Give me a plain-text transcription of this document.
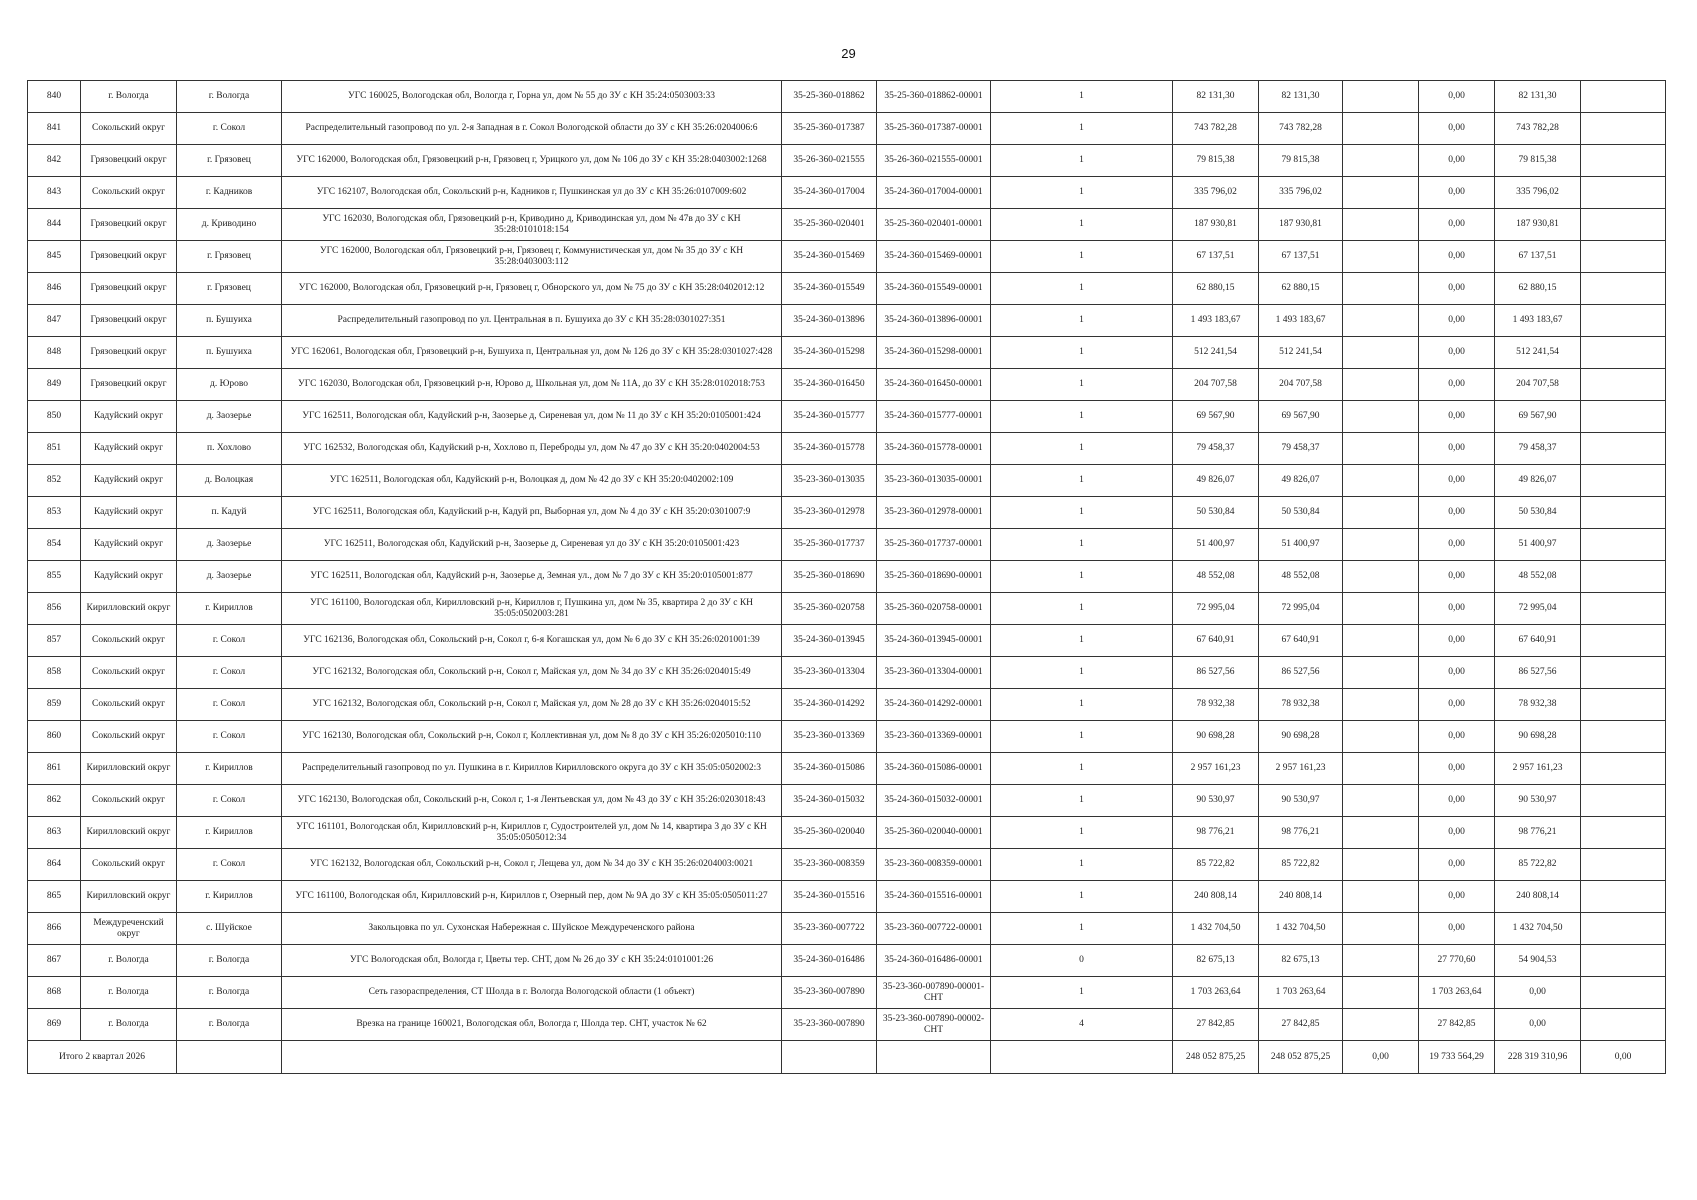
29
840	г. Вологда	г. Вологда	УГС 160025, Вологодская обл, Вологда г, Горна ул, дом № 55 до ЗУ с КН 35:24:0503003:33	35-25-360-018862	35-25-360-018862-00001	1	82 131,30	82 131,30		0,00	82 131,30	
841	Сокольский округ	г. Сокол	Распределительный газопровод по ул. 2-я Западная в г. Сокол Вологодской области до ЗУ с КН 35:26:0204006:6	35-25-360-017387	35-25-360-017387-00001	1	743 782,28	743 782,28		0,00	743 782,28	
842	Грязовецкий округ	г. Грязовец	УГС 162000, Вологодская обл, Грязовецкий р-н, Грязовец г, Урицкого ул, дом № 106 до ЗУ с КН 35:28:0403002:1268	35-26-360-021555	35-26-360-021555-00001	1	79 815,38	79 815,38		0,00	79 815,38	
843	Сокольский округ	г. Кадников	УГС 162107, Вологодская обл, Сокольский р-н, Кадников г, Пушкинская ул до ЗУ с КН 35:26:0107009:602	35-24-360-017004	35-24-360-017004-00001	1	335 796,02	335 796,02		0,00	335 796,02	
844	Грязовецкий округ	д. Криводино	УГС 162030, Вологодская обл, Грязовецкий р-н, Криводино д, Криводинская ул, дом № 47в до ЗУ с КН 35:28:0101018:154	35-25-360-020401	35-25-360-020401-00001	1	187 930,81	187 930,81		0,00	187 930,81	
845	Грязовецкий округ	г. Грязовец	УГС 162000, Вологодская обл, Грязовецкий р-н, Грязовец г, Коммунистическая ул, дом № 35 до ЗУ с КН 35:28:0403003:112	35-24-360-015469	35-24-360-015469-00001	1	67 137,51	67 137,51		0,00	67 137,51	
846	Грязовецкий округ	г. Грязовец	УГС 162000, Вологодская обл, Грязовецкий р-н, Грязовец г, Обнорского ул, дом № 75 до ЗУ с КН 35:28:0402012:12	35-24-360-015549	35-24-360-015549-00001	1	62 880,15	62 880,15		0,00	62 880,15	
847	Грязовецкий округ	п. Бушуиха	Распределительный газопровод по ул. Центральная в п. Бушуиха до ЗУ с КН 35:28:0301027:351	35-24-360-013896	35-24-360-013896-00001	1	1 493 183,67	1 493 183,67		0,00	1 493 183,67	
848	Грязовецкий округ	п. Бушуиха	УГС 162061, Вологодская обл, Грязовецкий р-н, Бушуиха п, Центральная ул, дом № 126 до ЗУ с КН 35:28:0301027:428	35-24-360-015298	35-24-360-015298-00001	1	512 241,54	512 241,54		0,00	512 241,54	
849	Грязовецкий округ	д. Юрово	УГС 162030, Вологодская обл, Грязовецкий р-н, Юрово д, Школьная ул, дом № 11А, до ЗУ с КН 35:28:0102018:753	35-24-360-016450	35-24-360-016450-00001	1	204 707,58	204 707,58		0,00	204 707,58	
850	Кадуйский округ	д. Заозерье	УГС 162511, Вологодская обл, Кадуйский р-н, Заозерье д, Сиреневая ул, дом № 11 до ЗУ с КН 35:20:0105001:424	35-24-360-015777	35-24-360-015777-00001	1	69 567,90	69 567,90		0,00	69 567,90	
851	Кадуйский округ	п. Хохлово	УГС 162532, Вологодская обл, Кадуйский р-н, Хохлово п, Переброды ул, дом № 47 до ЗУ с КН 35:20:0402004:53	35-24-360-015778	35-24-360-015778-00001	1	79 458,37	79 458,37		0,00	79 458,37	
852	Кадуйский округ	д. Волоцкая	УГС 162511, Вологодская обл, Кадуйский р-н, Волоцкая д, дом № 42 до ЗУ с КН 35:20:0402002:109	35-23-360-013035	35-23-360-013035-00001	1	49 826,07	49 826,07		0,00	49 826,07	
853	Кадуйский округ	п. Кадуй	УГС 162511, Вологодская обл, Кадуйский р-н, Кадуй рп, Выборная ул, дом № 4 до ЗУ с КН 35:20:0301007:9	35-23-360-012978	35-23-360-012978-00001	1	50 530,84	50 530,84		0,00	50 530,84	
854	Кадуйский округ	д. Заозерье	УГС 162511, Вологодская обл, Кадуйский р-н, Заозерье д, Сиреневая ул до ЗУ с КН 35:20:0105001:423	35-25-360-017737	35-25-360-017737-00001	1	51 400,97	51 400,97		0,00	51 400,97	
855	Кадуйский округ	д. Заозерье	УГС 162511, Вологодская обл, Кадуйский р-н, Заозерье д, Земная ул., дом № 7 до ЗУ с КН 35:20:0105001:877	35-25-360-018690	35-25-360-018690-00001	1	48 552,08	48 552,08		0,00	48 552,08	
856	Кирилловский округ	г. Кириллов	УГС 161100, Вологодская обл, Кирилловский р-н, Кириллов г, Пушкина ул, дом № 35, квартира 2 до ЗУ с КН 35:05:0502003:281	35-25-360-020758	35-25-360-020758-00001	1	72 995,04	72 995,04		0,00	72 995,04	
857	Сокольский округ	г. Сокол	УГС 162136, Вологодская обл, Сокольский р-н, Сокол г, 6-я Когашская ул, дом № 6 до ЗУ с КН 35:26:0201001:39	35-24-360-013945	35-24-360-013945-00001	1	67 640,91	67 640,91		0,00	67 640,91	
858	Сокольский округ	г. Сокол	УГС 162132, Вологодская обл, Сокольский р-н, Сокол г, Майская ул, дом № 34 до ЗУ с КН 35:26:0204015:49	35-23-360-013304	35-23-360-013304-00001	1	86 527,56	86 527,56		0,00	86 527,56	
859	Сокольский округ	г. Сокол	УГС 162132, Вологодская обл, Сокольский р-н, Сокол г, Майская ул, дом № 28 до ЗУ с КН 35:26:0204015:52	35-24-360-014292	35-24-360-014292-00001	1	78 932,38	78 932,38		0,00	78 932,38	
860	Сокольский округ	г. Сокол	УГС 162130, Вологодская обл, Сокольский р-н, Сокол г, Коллективная ул, дом № 8 до ЗУ с КН 35:26:0205010:110	35-23-360-013369	35-23-360-013369-00001	1	90 698,28	90 698,28		0,00	90 698,28	
861	Кирилловский округ	г. Кириллов	Распределительный газопровод по ул. Пушкина в г. Кириллов Кирилловского округа до ЗУ с КН 35:05:0502002:3	35-24-360-015086	35-24-360-015086-00001	1	2 957 161,23	2 957 161,23		0,00	2 957 161,23	
862	Сокольский округ	г. Сокол	УГС 162130, Вологодская обл, Сокольский р-н, Сокол г, 1-я Лентьевская ул, дом № 43 до ЗУ с КН 35:26:0203018:43	35-24-360-015032	35-24-360-015032-00001	1	90 530,97	90 530,97		0,00	90 530,97	
863	Кирилловский округ	г. Кириллов	УГС 161101, Вологодская обл, Кирилловский р-н, Кириллов г, Судостроителей ул, дом № 14, квартира 3 до ЗУ с КН 35:05:0505012:34	35-25-360-020040	35-25-360-020040-00001	1	98 776,21	98 776,21		0,00	98 776,21	
864	Сокольский округ	г. Сокол	УГС 162132, Вологодская обл, Сокольский р-н, Сокол г, Лещева ул, дом № 34 до ЗУ с КН 35:26:0204003:0021	35-23-360-008359	35-23-360-008359-00001	1	85 722,82	85 722,82		0,00	85 722,82	
865	Кирилловский округ	г. Кириллов	УГС 161100, Вологодская обл, Кирилловский р-н, Кириллов г, Озерный пер, дом № 9А до ЗУ с КН 35:05:0505011:27	35-24-360-015516	35-24-360-015516-00001	1	240 808,14	240 808,14		0,00	240 808,14	
866	Междуреченский округ	с. Шуйское	Закольцовка по ул. Сухонская Набережная с. Шуйское Междуреченского района	35-23-360-007722	35-23-360-007722-00001	1	1 432 704,50	1 432 704,50		0,00	1 432 704,50	
867	г. Вологда	г. Вологда	УГС Вологодская обл, Вологда г, Цветы тер. СНТ, дом № 26 до ЗУ с КН 35:24:0101001:26	35-24-360-016486	35-24-360-016486-00001	0	82 675,13	82 675,13		27 770,60	54 904,53	
868	г. Вологда	г. Вологда	Сеть газораспределения, СТ Шолда в г. Вологда Вологодской области (1 объект)	35-23-360-007890	35-23-360-007890-00001-СНТ	1	1 703 263,64	1 703 263,64		1 703 263,64	0,00	
869	г. Вологда	г. Вологда	Врезка на границе 160021, Вологодская обл, Вологда г, Шолда тер. СНТ, участок № 62	35-23-360-007890	35-23-360-007890-00002-СНТ	4	27 842,85	27 842,85		27 842,85	0,00	
Итого 2 квартал 2026							248 052 875,25	248 052 875,25	0,00	19 733 564,29	228 319 310,96	0,00
